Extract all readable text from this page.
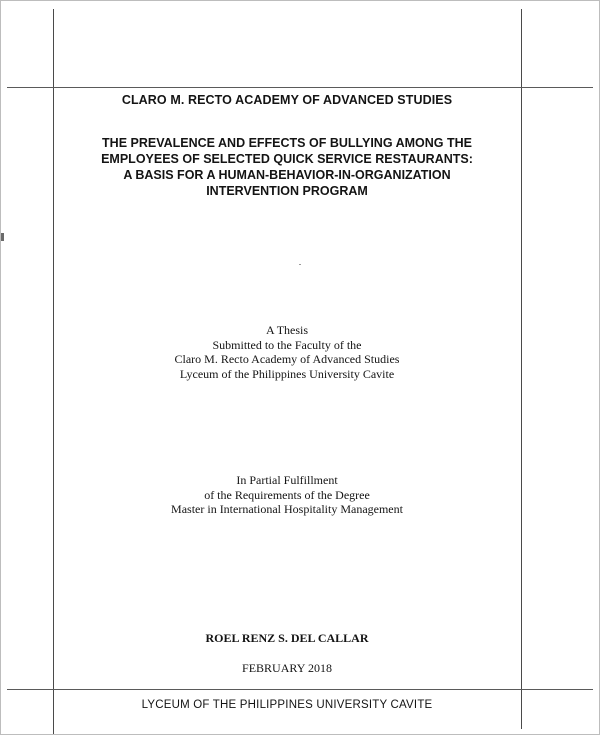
CLARO M. RECTO ACADEMY OF ADVANCED STUDIES
THE PREVALENCE AND EFFECTS OF BULLYING AMONG THE
EMPLOYEES OF SELECTED QUICK SERVICE RESTAURANTS:
A BASIS FOR A HUMAN-BEHAVIOR-IN-ORGANIZATION
INTERVENTION PROGRAM
A Thesis
Submitted to the Faculty of the
Claro M. Recto Academy of Advanced Studies
Lyceum of the Philippines University Cavite
In Partial Fulfillment
of the Requirements of the Degree
Master in International Hospitality Management
ROEL RENZ S. DEL CALLAR
FEBRUARY 2018
LYCEUM OF THE PHILIPPINES UNIVERSITY CAVITE
